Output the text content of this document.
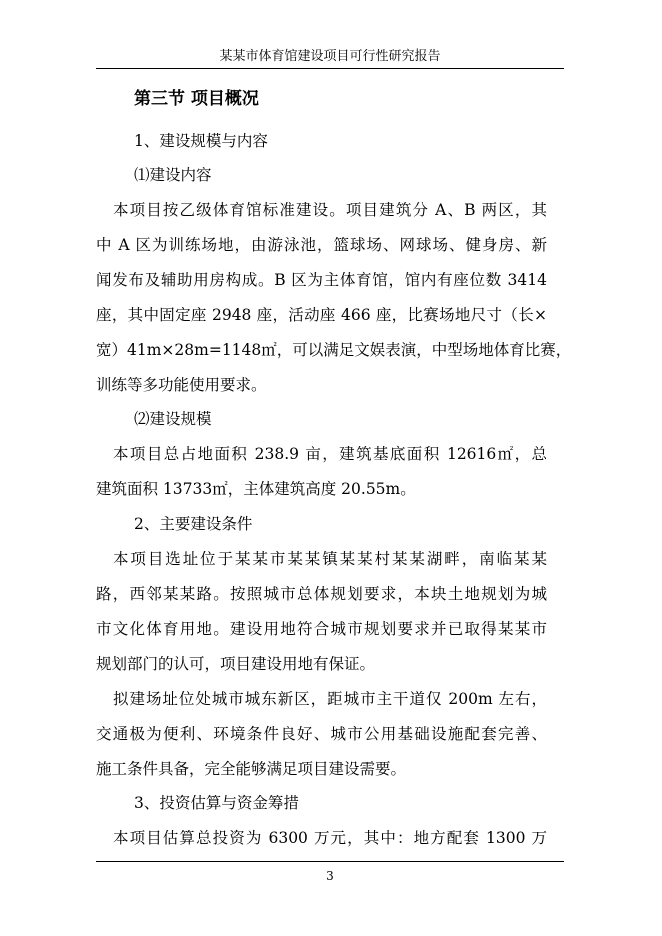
某某市体育馆建设项目可行性研究报告
第三节 项目概况
1、建设规模与内容
⑴建设内容
本项目按乙级体育馆标准建设。项目建筑分 A、B 两区，其
中 A 区为训练场地，由游泳池，篮球场、网球场、健身房、新
闻发布及辅助用房构成。B 区为主体育馆，馆内有座位数 3414
座，其中固定座 2948 座，活动座 466 座，比赛场地尺寸（长×
宽）41m×28m=1148㎡，可以满足文娱表演，中型场地体育比赛，
训练等多功能使用要求。
⑵建设规模
本项目总占地面积 238.9 亩，建筑基底面积 12616㎡，总
建筑面积 13733㎡，主体建筑高度 20.55m。
2、主要建设条件
本项目选址位于某某市某某镇某某村某某湖畔，南临某某
路，西邻某某路。按照城市总体规划要求，本块土地规划为城
市文化体育用地。建设用地符合城市规划要求并已取得某某市
规划部门的认可，项目建设用地有保证。
拟建场址位处城市城东新区，距城市主干道仅 200m 左右，
交通极为便利、环境条件良好、城市公用基础设施配套完善、
施工条件具备，完全能够满足项目建设需要。
3、投资估算与资金筹措
本项目估算总投资为 6300 万元，其中：地方配套 1300 万
3
